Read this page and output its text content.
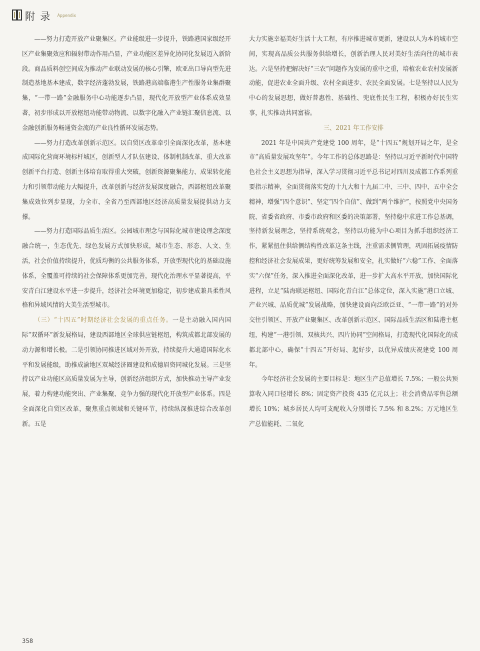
附 录 Appendix

——努力打造开放产业聚集区。产业能级进一步提升，铁路港国家级经开区产业集聚效应和辐射带动作用凸显，产业功能区差异化协同化发展迈入新阶段。商品质料创空间成为推动产业联动发展的核心引擎，欧亚出口导向型先进制造基地基本建成，数字经济蓬勃发展，铁路港高端临港生产性服务业集群聚集，“一带一路”金融服务中心功能逐步凸显，现代化开放型产业体系成效显著，初步形成以开放枢纽功能带动物流、以数字化融入产业链汇聚信息流、以金融创新服务畅通资金流的产业良性循环发展态势。

——努力打造改革创新示范区。以自贸区改革牵引全面深化改革，基本建成国际化营商环境标杆城区，创新型人才队伍建设、体制机制改革、重大改革创新平台打造、创新主体培育取得重大突破，创新资源聚集能力、成果转化能力和引领带动能力大幅提升，改革创新与经济发展深度融合，西部枢纽改革聚集成效位列步显现，力全市、全省乃至西部地区经济高质量发展提供动力支撑。

——努力打造国际品质生活区。公园城市理念与国际化城市建设理念深度融合统一，生态优先、绿色发展方式加快形成，城市生态、形态、人文、生活，社会价值持续提升，优质均衡的公共服务体系，开放型现代化的基础设施体系，全覆盖可持续的社会保障体系更加完善，现代化治理水平显著提高，平安青白江建设水平进一步提升，经济社会环境更加稳定，初步建成兼具柔性风格和异域风情的大美生活型城市。

（三）“十四五”时期经济社会发展的重点任务。一是主动融入国内国际“双循环”新发展格局，建设西部地区全球供应链枢纽，构筑成都北部发展的动力源和增长极。二是引领协同推进区域对外开放，持续提升大通道国际化水平和发展能级，助推成渝地区双城经济圈建设和成德眉资同城化发展。三是坚持以产业功能区高质量发展为主导，创新经济组织方式，加快推动主导产业发展，着力构建功能突出、产业集聚、竞争力强的现代化开放型产业体系。四是全面深化自贸区改革，聚焦重点领域和关键环节，持续纵深推进综合改革创新。五是

大力实施幸福美好生活十大工程，有序推进城市更新，建设以人为本的城市空间，实现高品质公共服务供给增长，创新治理人民对美好生活向往的城市表达。六是坚持把解决好“三农”问题作为发展的重中之重，培植农业农村发展新动能，促进农业全面升级、农村全面进步、农民全面发展。七是坚持以人民为中心的发展思想，做好普惠性、基础性、兜底性民生工程，积极办好民生实事，扎实推动共同富裕。

三、2021 年工作安排

2021 年是中国共产党建党 100 周年，是“十四五”规划开局之年，是全市“高质量发展攻坚年”。今年工作的总体思路是：坚持以习近平新时代中国特色社会主义思想为指导，深入学习贯彻习近平总书记对四川及成都工作系列重要指示精神，全面贯彻落实党的十九大和十九届二中、三中、四中、五中全会精神，增强“四个意识”、坚定“四个自信”、做到“两个维护”，按照党中央国务院、省委省政府、市委市政府和区委的决策部署，坚持稳中求进工作总基调，坚持新发展理念，坚持系统观念，坚持以功能为中心项目为抓手组织经济工作，紧紧扭住供给侧结构性改革这条主线，注重需求侧管理，巩固拓展疫情防控和经济社会发展成果，更好统筹发展和安全，扎实做好“六稳”工作、全面落实“六保”任务，深入推进全面深化改革，进一步扩大高水平开放，加快国际化进程，立足“陆海联运枢纽、国际化青白江”总体定位，深入实施“港口立城、产业兴城、品质优城”发展战略，加快建设面向泛欧泛亚、“一带一路”的对外交往引领区、开放产业聚集区、改革创新示范区、国际品质生活区和陆港主枢纽，构建“一港引领、双核共兴、四片协同”空间格局，打造现代化国际化的成都北部中心，确保“十四五”开好局、起好步，以优异成绩庆祝建党 100 周年。

今年经济社会发展的主要目标是：地区生产总值增长 7.5%；一般公共预算收入同口径增长 8%；固定资产投资 435 亿元以上；社会消费品零售总额增长 10%；城乡居民人均可支配收入分别增长 7.5% 和 8.2%；万元地区生产总值能耗、二氧化

358
